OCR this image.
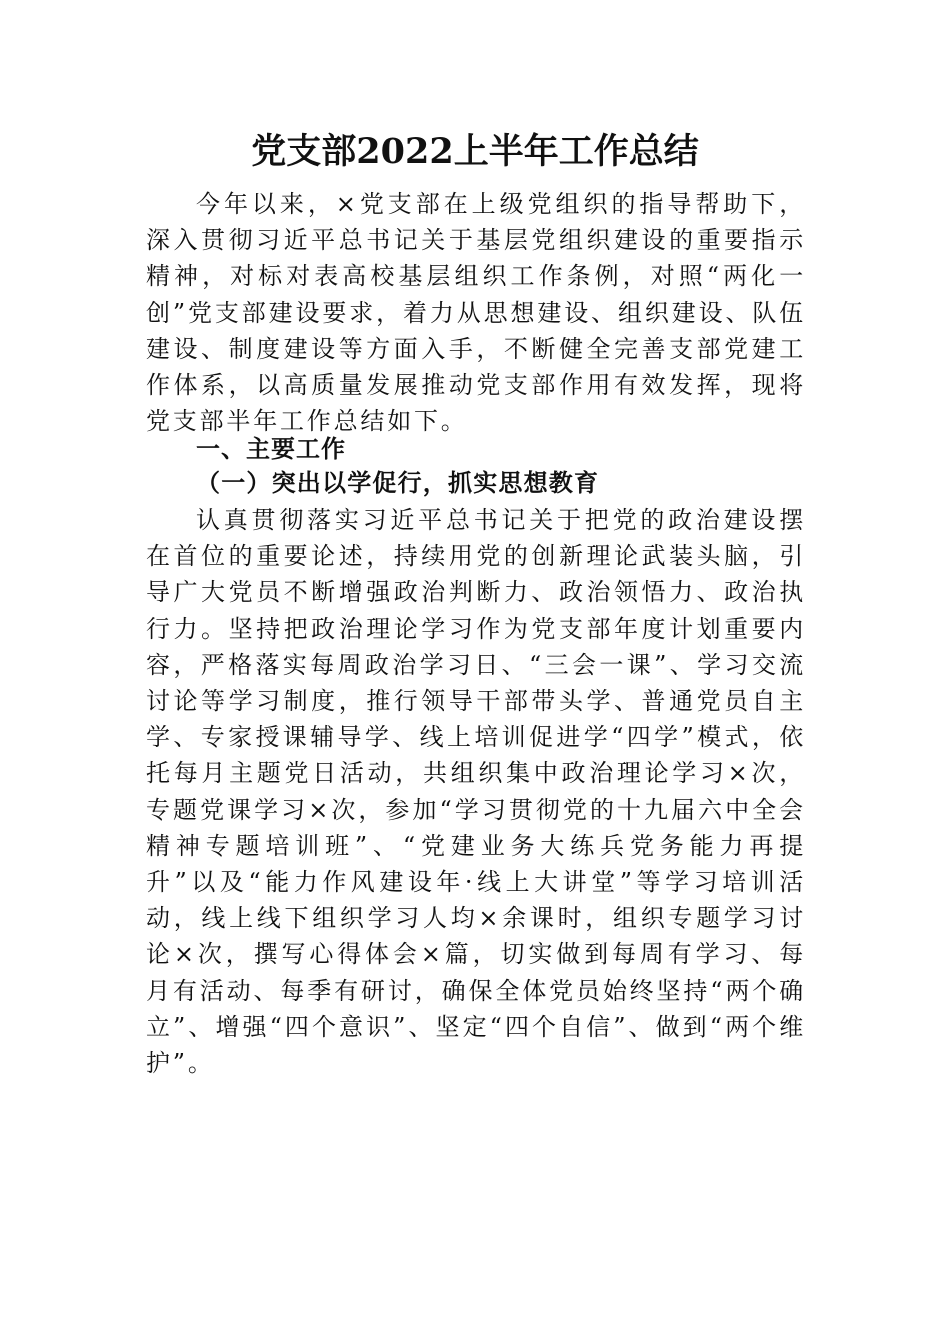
党支部2022上半年工作总结

今年以来，×党支部在上级党组织的指导帮助下，深入贯彻习近平总书记关于基层党组织建设的重要指示精神，对标对表高校基层组织工作条例，对照“两化一创”党支部建设要求，着力从思想建设、组织建设、队伍建设、制度建设等方面入手，不断健全完善支部党建工作体系，以高质量发展推动党支部作用有效发挥，现将党支部半年工作总结如下。

一、主要工作
（一）突出以学促行，抓实思想教育

认真贯彻落实习近平总书记关于把党的政治建设摆在首位的重要论述，持续用党的创新理论武装头脑，引导广大党员不断增强政治判断力、政治领悟力、政治执行力。坚持把政治理论学习作为党支部年度计划重要内容，严格落实每周政治学习日、“三会一课”、学习交流讨论等学习制度，推行领导干部带头学、普通党员自主学、专家授课辅导学、线上培训促进学“四学”模式，依托每月主题党日活动，共组织集中政治理论学习×次，专题党课学习×次，参加“学习贯彻党的十九届六中全会精神专题培训班”、“党建业务大练兵党务能力再提升”以及“能力作风建设年·线上大讲堂”等学习培训活动，线上线下组织学习人均×余课时，组织专题学习讨论×次，撰写心得体会×篇，切实做到每周有学习、每月有活动、每季有研讨，确保全体党员始终坚持“两个确立”、增强“四个意识”、坚定“四个自信”、做到“两个维护”。
